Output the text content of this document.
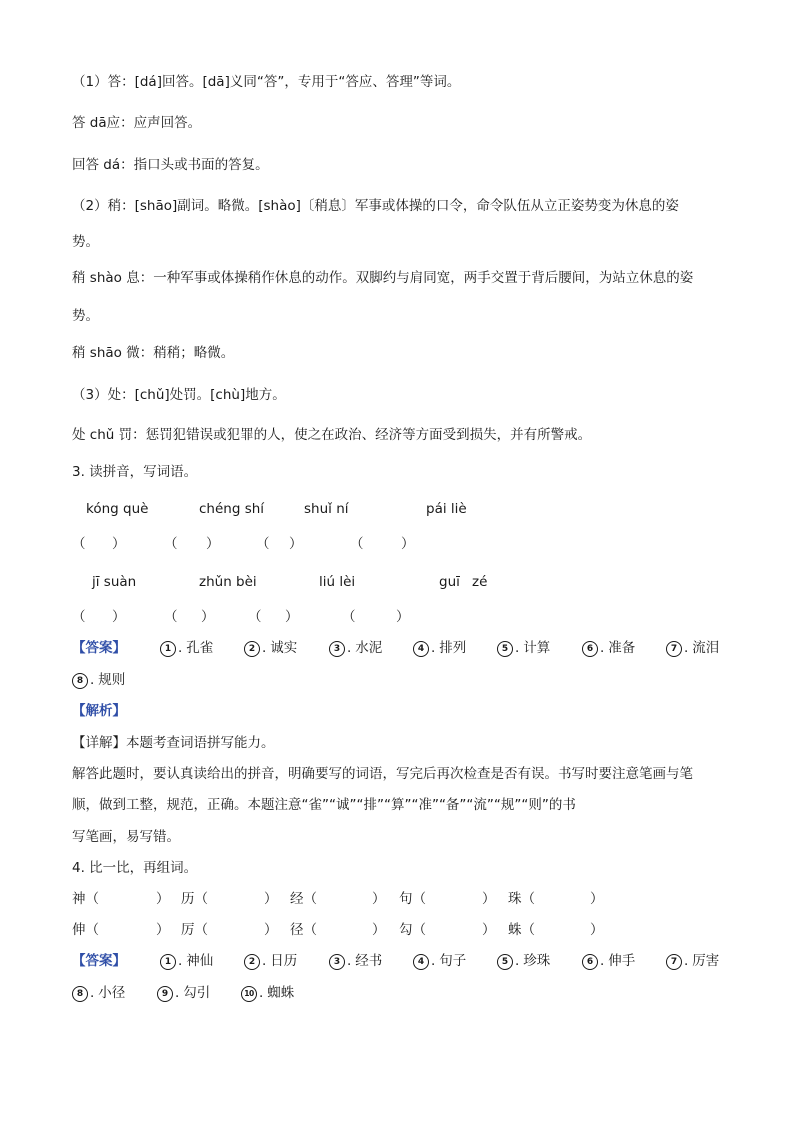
（1）答：[dá]回答。[dā]义同“答”，专用于“答应、答理”等词。
答 dā应：应声回答。
回答 dá：指口头或书面的答复。
（2）稍：[shāo]副词。略微。[shào]〔稍息〕军事或体操的口令，命令队伍从立正姿势变为休息的姿
势。
稍 shào 息：一种军事或体操稍作休息的动作。双脚约与肩同宽，两手交置于背后腰间，为站立休息的姿
势。
稍 shāo 微：稍稍；略微。
（3）处：[chǔ]处罚。[chù]地方。
处 chǔ 罚：惩罚犯错误或犯罪的人，使之在政治、经济等方面受到损失，并有所警戒。
3. 读拼音，写词语。
kóng què	chéng shí	shuǐ ní	pái liè
（ ）	（ ）	（ ）	（	）
jī suàn	zhǔn bèi	liú lèi	guī zé
（ ）	（ ） （ ）	（	）
【答案】	1 . 孔雀	2 . 诚实	3 . 水泥	4 . 排列	5 . 计算	6 . 准备	7 . 流泪
8 . 规则
【解析】
【详解】本题考查词语拼写能力。
解答此题时，要认真读给出的拼音，明确要写的词语，写完后再次检查是否有误。书写时要注意笔画与笔
顺，做到工整，规范，正确。本题注意“雀”“诚”“排”“算”“准”“备”“流”“规”“则”的书
写笔画，易写错。
4. 比一比，再组词。
神（	） 历（	） 经（	） 句（	） 珠（	）
伸（	） 厉（	） 径（	） 勾（	） 蛛（	）
【答案】	1 . 神仙	2 . 日历	3 . 经书	4 . 句子	5 . 珍珠	6 . 伸手	7 . 厉害
8 . 小径	9 . 勾引	10 . 蜘蛛
